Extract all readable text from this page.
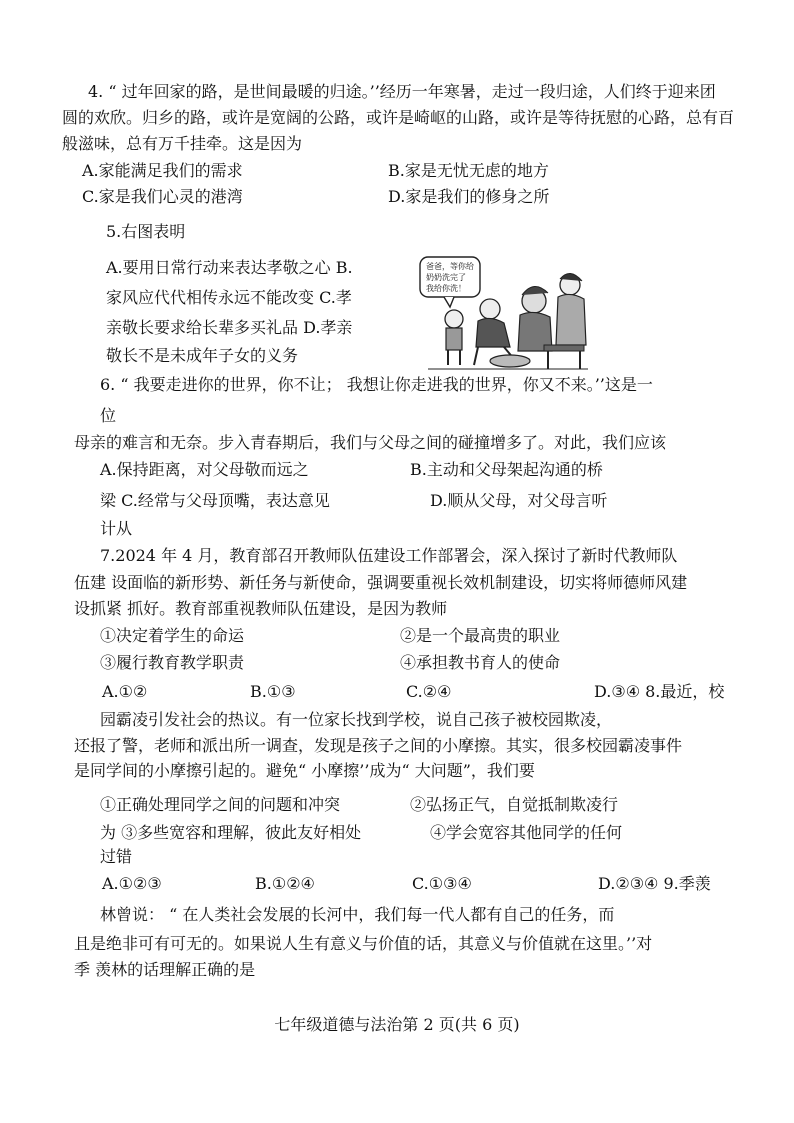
4. “ 过年回家的路，是世间最暖的归途。’’经历一年寒暑，走过一段归途，人们终于迎来团
圆的欢欣。归乡的路，或许是宽阔的公路，或许是崎岖的山路，或许是等待抚慰的心路，总有百
般滋味，总有万千挂牵。这是因为
A.家能满足我们的需求	B.家是无忧无虑的地方
C.家是我们心灵的港湾	D.家是我们的修身之所
5.右图表明
A.要用日常行动来表达孝敬之心 B.
家风应代代相传永远不能改变 C.孝
亲敬长要求给长辈多买礼品 D.孝亲
敬长不是未成年子女的义务
爸爸，等你给
奶奶洗完了
我给你洗！
6. “ 我要走进你的世界，你不让； 我想让你走进我的世界，你又不来。’’这是一
位
母亲的难言和无奈。步入青春期后，我们与父母之间的碰撞增多了。对此，我们应该
A.保持距离，对父母敬而远之	B.主动和父母架起沟通的桥
梁 C.经常与父母顶嘴，表达意见	D.顺从父母，对父母言听
计从
7.2024 年 4 月，教育部召开教师队伍建设工作部署会，深入探讨了新时代教师队
伍建 设面临的新形势、新任务与新使命，强调要重视长效机制建设，切实将师德师风建
设抓紧 抓好。教育部重视教师队伍建设，是因为教师
①决定着学生的命运	②是一个最高贵的职业
③履行教育教学职责	④承担教书育人的使命
A.①②	B.①③	C.②④	D.③④ 8.最近，校
园霸凌引发社会的热议。有一位家长找到学校，说自己孩子被校园欺凌，
还报了警，老师和派出所一调查，发现是孩子之间的小摩擦。其实，很多校园霸凌事件
是同学间的小摩擦引起的。避免“ 小摩擦’’成为“ 大问题”，我们要
①正确处理同学之间的问题和冲突	②弘扬正气，自觉抵制欺凌行
为 ③多些宽容和理解，彼此友好相处	④学会宽容其他同学的任何
过错
A.①②③	B.①②④	C.①③④	D.②③④ 9.季羡
林曾说： “ 在人类社会发展的长河中，我们每一代人都有自己的任务，而
且是绝非可有可无的。如果说人生有意义与价值的话，其意义与价值就在这里。’’对
季 羡林的话理解正确的是
七年级道德与法治第 2 页(共 6 页)
